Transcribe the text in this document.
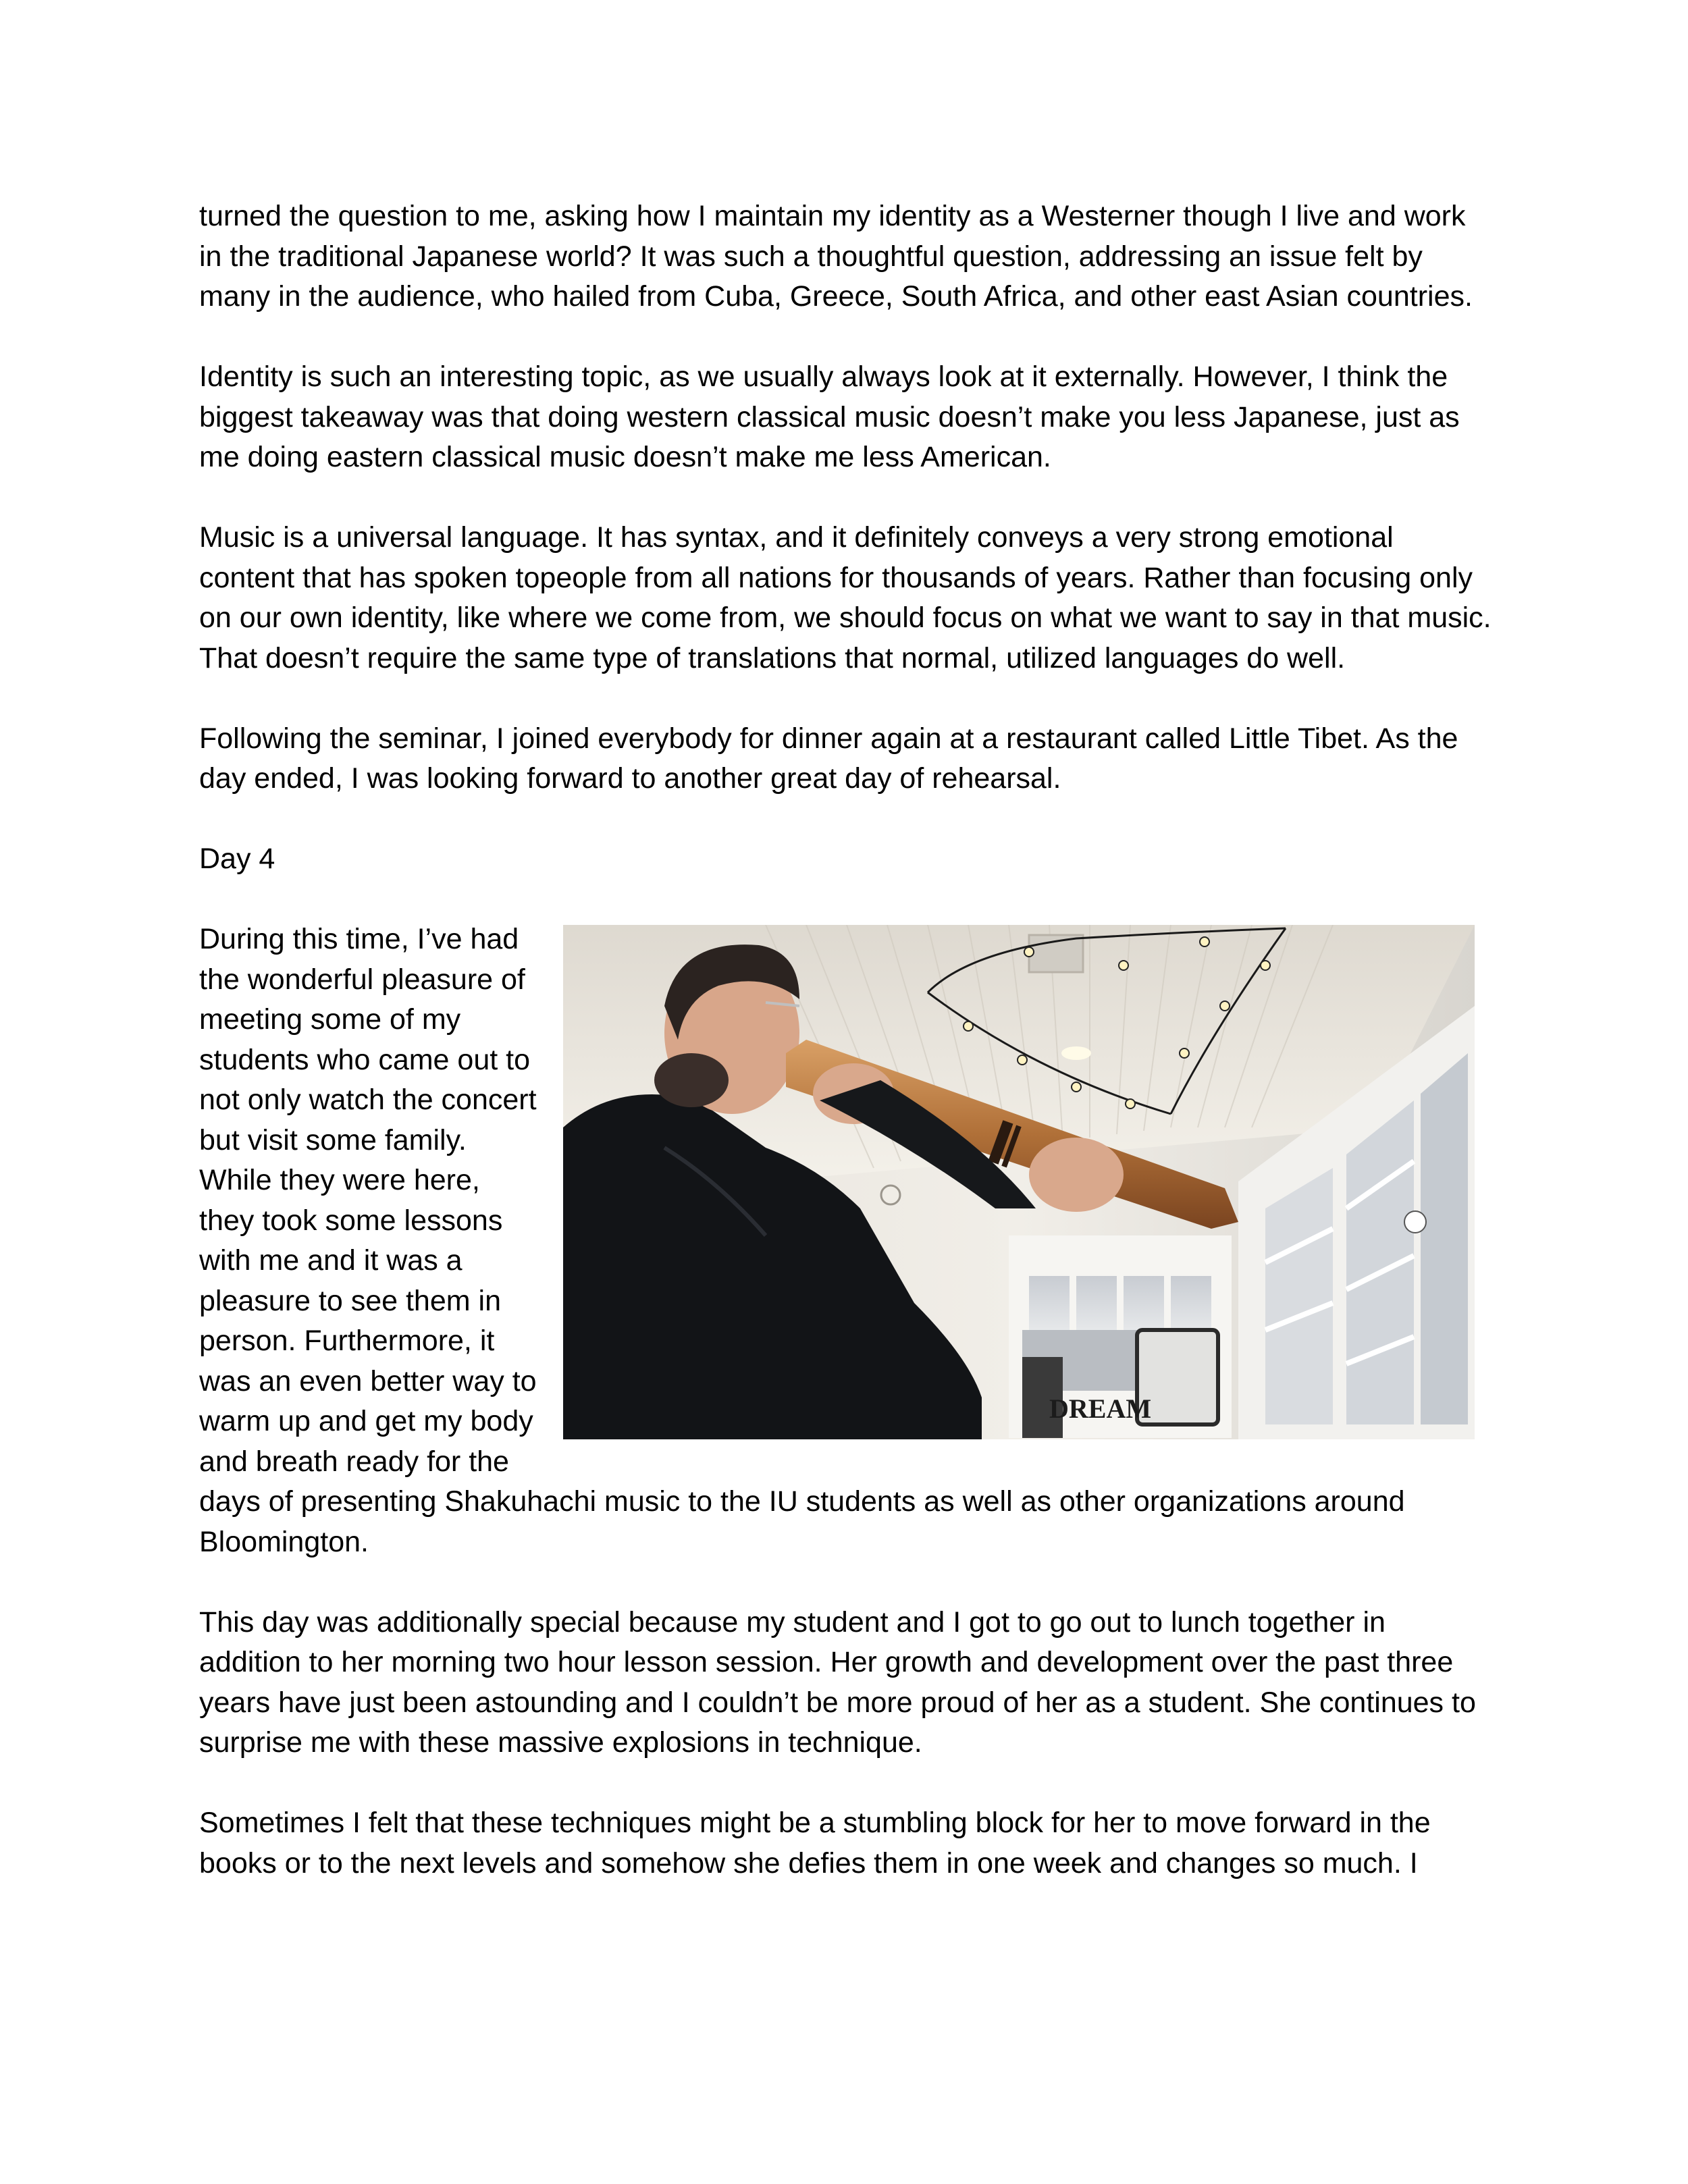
turned the question to me, asking how I maintain my identity as a Westerner though I live and work in the traditional Japanese world? It was such a thoughtful question, addressing an issue felt by many in the audience, who hailed from Cuba, Greece, South Africa, and other east Asian countries.

Identity is such an interesting topic, as we usually always look at it externally. However, I think the biggest takeaway was that doing western classical music doesn’t make you less Japanese, just as me doing eastern classical music doesn’t make me less American.

Music is a universal language. It has syntax, and it definitely conveys a very strong emotional content that has spoken topeople from all nations for thousands of years. Rather than focusing only on our own identity, like where we come from, we should focus on what we want to say in that music. That doesn’t require the same type of translations that normal, utilized languages do well.

Following the seminar, I joined everybody for dinner again at a restaurant called Little Tibet. As the day ended, I was looking forward to another great day of rehearsal.

Day 4

DREAM

During this time, I’ve had the wonderful pleasure of meeting some of my students who came out to not only watch the concert but visit some family. While they were here, they took some lessons with me and it was a pleasure to see them in person. Furthermore, it was an even better way to warm up and get my body and breath ready for the days of presenting Shakuhachi music to the IU students as well as other organizations around Bloomington.

This day was additionally special because my student and I got to go out to lunch together in addition to her morning two hour lesson session. Her growth and development over the past three years have just been astounding and I couldn’t be more proud of her as a student. She continues to surprise me with these massive explosions in technique.

Sometimes I felt that these techniques might be a stumbling block for her to move forward in the books or to the next levels and somehow she defies them in one week and changes so much. I
